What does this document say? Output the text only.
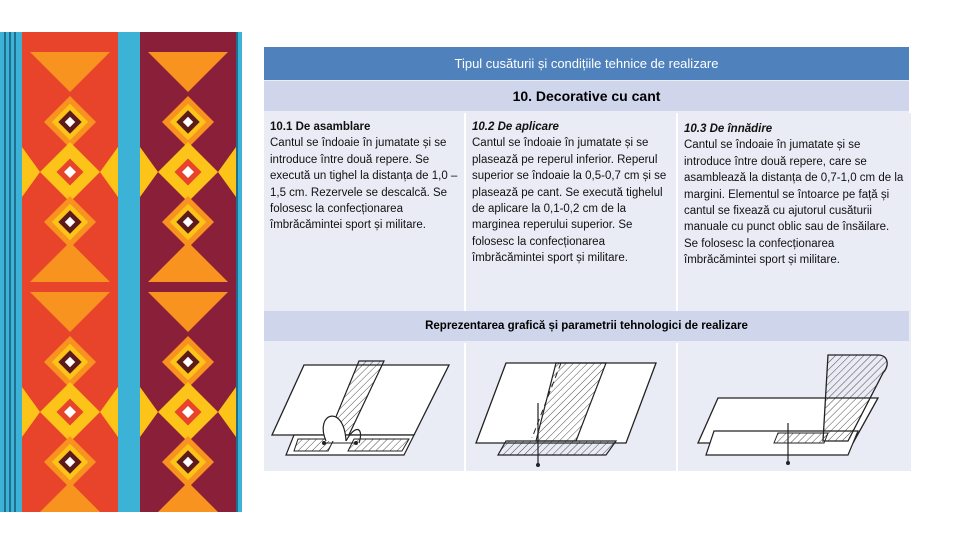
Tipul cusăturii și condițiile tehnice de realizare
10. Decorative cu cant
10.1 De asamblare
Cantul se îndoaie în jumatate și se introduce între două repere. Se execută un tighel la distanța de 1,0 – 1,5 cm. Rezervele se descalcă. Se folosesc la confecționarea îmbrăcămintei sport și militare.
10.2 De aplicare
Cantul se îndoaie în jumatate și se plasează pe reperul inferior. Reperul superior se îndoaie la 0,5-0,7 cm și se plasează pe cant. Se execută tighelul de aplicare la 0,1-0,2 cm de la marginea reperului superior. Se folosesc la confecționarea îmbrăcămintei sport și militare.
10.3 De înnădire
Cantul se îndoaie în jumatate și se introduce între două repere, care se asamblează la distanța de 0,7-1,0 cm de la margini. Elementul se întoarce pe față și cantul se fixează cu ajutorul cusăturii manuale cu punct oblic sau de însăilare. Se folosesc la confecționarea îmbrăcămintei sport și militare.
Reprezentarea grafică și parametrii tehnologici de realizare
